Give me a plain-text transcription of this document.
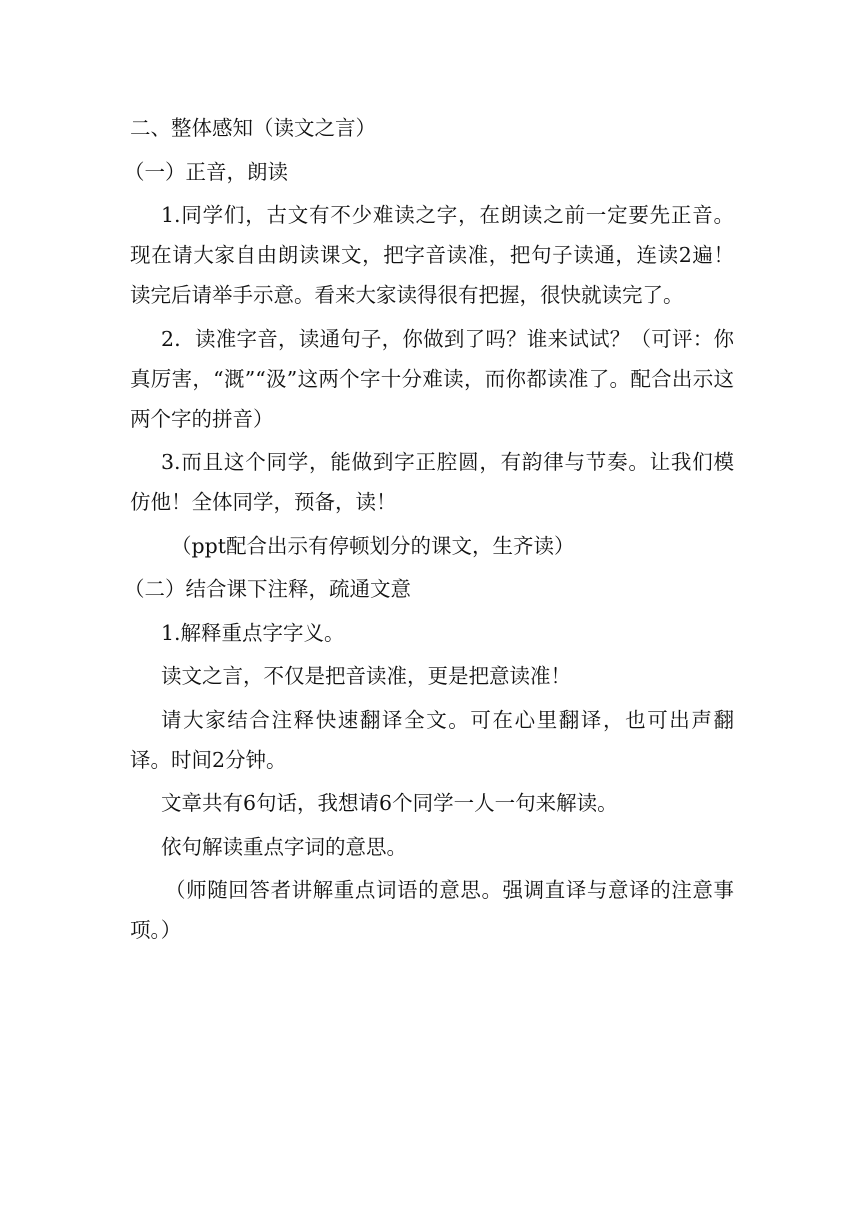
二、整体感知（读文之言）

（一）正音，朗读

1.同学们，古文有不少难读之字，在朗读之前一定要先正音。现在请大家自由朗读课文，把字音读准，把句子读通，连读2遍！读完后请举手示意。看来大家读得很有把握，很快就读完了。

2．读准字音，读通句子，你做到了吗？谁来试试？（可评：你真厉害，“溉”“汲”这两个字十分难读，而你都读准了。配合出示这两个字的拼音）

3.而且这个同学，能做到字正腔圆，有韵律与节奏。让我们模仿他！全体同学，预备，读！

（ppt配合出示有停顿划分的课文，生齐读）

（二）结合课下注释，疏通文意

1.解释重点字字义。

读文之言，不仅是把音读准，更是把意读准！

请大家结合注释快速翻译全文。可在心里翻译，也可出声翻译。时间2分钟。

文章共有6句话，我想请6个同学一人一句来解读。

依句解读重点字词的意思。

（师随回答者讲解重点词语的意思。强调直译与意译的注意事项。）
